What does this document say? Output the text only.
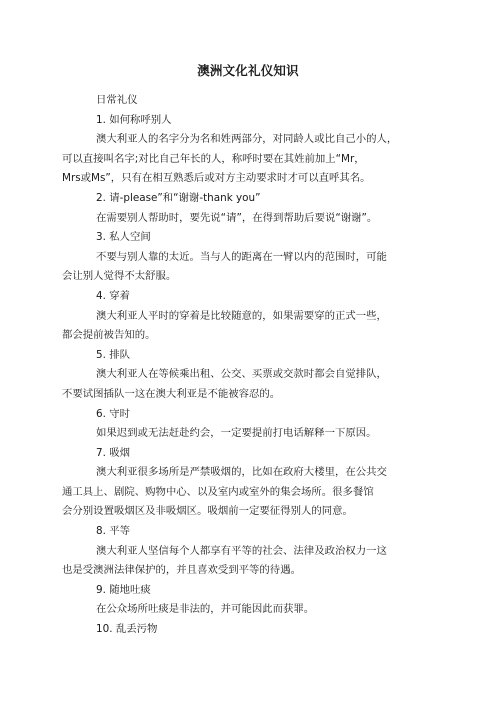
澳洲文化礼仪知识

日常礼仪

1. 如何称呼别人

澳大利亚人的名字分为名和姓两部分，对同龄人或比自己小的人，

可以直接叫名字;对比自己年长的人，称呼时要在其姓前加上“Mr，

Mrs或Ms”，只有在相互熟悉后或对方主动要求时才可以直呼其名。

2. 请-please”和“谢谢-thank you”

在需要别人帮助时，要先说“请”，在得到帮助后要说“谢谢”。

3. 私人空间

不要与别人靠的太近。当与人的距离在一臂以内的范围时，可能

会让别人觉得不太舒服。

4. 穿着

澳大利亚人平时的穿着是比较随意的，如果需要穿的正式一些，

都会提前被告知的。

5. 排队

澳大利亚人在等候乘出租、公交、买票或交款时都会自觉排队，

不要试图插队一这在澳大利亚是不能被容忍的。

6. 守时

如果迟到或无法赶赴约会，一定要提前打电话解释一下原因。

7. 吸烟

澳大利亚很多场所是严禁吸烟的，比如在政府大楼里，在公共交

通工具上、剧院、购物中心、以及室内或室外的集会场所。很多餐馆

会分别设置吸烟区及非吸烟区。吸烟前一定要征得别人的同意。

8. 平等

澳大利亚人坚信每个人都享有平等的社会、法律及政治权力一这

也是受澳洲法律保护的，并且喜欢受到平等的待遇。

9. 随地吐痰

在公众场所吐痰是非法的，并可能因此而获罪。

10. 乱丢污物
